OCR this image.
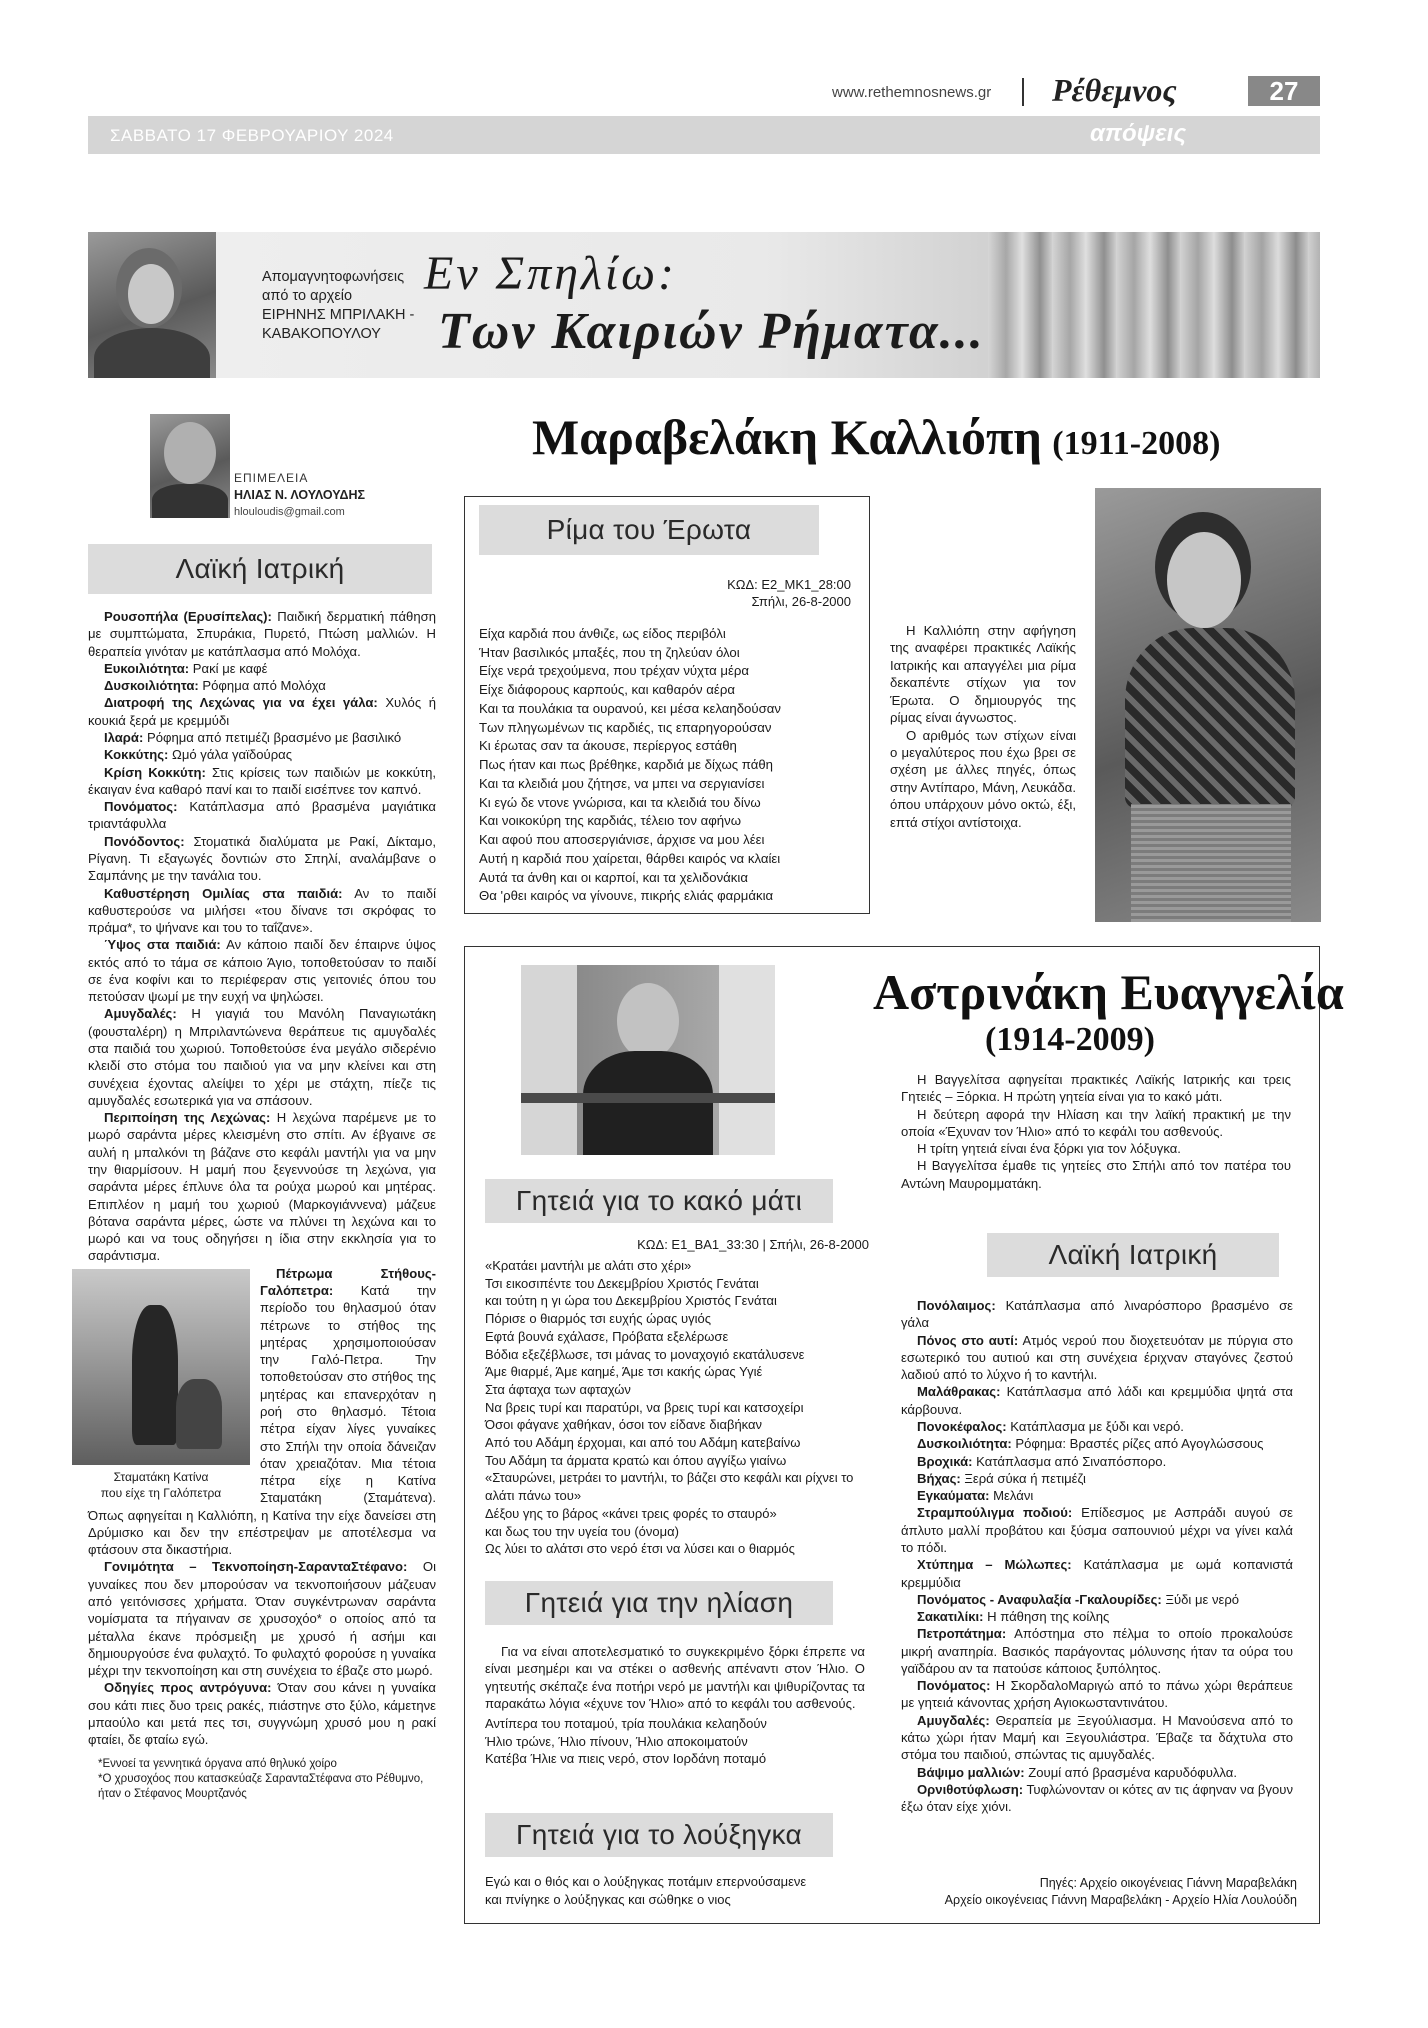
www.rethemnosnews.gr Ρέθεμνος	27
ΣΑΒΒΑΤΟ 17 ΦΕΒΡΟΥΑΡΙΟΥ 2024	απόψεις
Απομαγνητοφωνήσεις
από το αρχείο
ΕΙΡΗΝΗΣ ΜΠΡΙΛΑΚΗ -
ΚΑΒΑΚΟΠΟΥΛΟΥ
Εν Σπηλίω:
Των Καιριών Ρήματα...
ΕΠΙΜΕΛΕΙΑ
ΗΛΙΑΣ Ν. ΛΟΥΛΟΥΔΗΣ
hlouloudis@gmail.com
Λαϊκή Ιατρική

Ρουσοπήλα (Ερυσίπελας): Παιδική δερματική πάθηση με συμπτώματα, Σπυράκια, Πυρετό, Πτώση μαλλιών. Η θεραπεία γινόταν με κατάπλασμα από Μολόχα.

Ευκοιλιότητα: Ρακί με καφέ

Δυσκοιλιότητα: Ρόφημα από Μολόχα

Διατροφή της Λεχώνας για να έχει γάλα: Χυλός ή κουκιά ξερά με κρεμμύδι

Ιλαρά: Ρόφημα από πετιμέζι βρασμένο με βασιλικό

Κοκκύτης: Ωμό γάλα γαϊδούρας

Κρίση Κοκκύτη: Στις κρίσεις των παιδιών με κοκκύτη, έκαιγαν ένα καθαρό πανί και το παιδί εισέπνεε τον καπνό.

Πονόματος: Κατάπλασμα από βρασμένα μαγιάτικα τριαντάφυλλα

Πονόδοντος: Στοματικά διαλύματα με Ρακί, Δίκταμο, Ρίγανη. Τι εξαγωγές δοντιών στο Σπηλί, αναλάμβανε ο Σαμπάνης με την τανάλια του.

Καθυστέρηση Ομιλίας στα παιδιά: Αν το παιδί καθυστερούσε να μιλήσει «του δίνανε τσι σκρόφας το πράμα*, το ψήνανε και του το ταΐζανε».

Ύψος στα παιδιά: Αν κάποιο παιδί δεν έπαιρνε ύψος εκτός από το τάμα σε κάποιο Άγιο, τοποθετούσαν το παιδί σε ένα κοφίνι και το περιέφεραν στις γειτονιές όπου του πετούσαν ψωμί με την ευχή να ψηλώσει.

Αμυγδαλές: Η γιαγιά του Μανόλη Παναγιωτάκη (φουσταλέρη) η Μπριλαντώνενα θεράπευε τις αμυγδαλές στα παιδιά του χωριού. Τοποθετούσε ένα μεγάλο σιδερένιο κλειδί στο στόμα του παιδιού για να μην κλείνει και στη συνέχεια έχοντας αλείψει το χέρι με στάχτη, πίεζε τις αμυγδαλές εσωτερικά για να σπάσουν.

Περιποίηση της Λεχώνας: Η λεχώνα παρέμενε με το μωρό σαράντα μέρες κλεισμένη στο σπίτι. Αν έβγαινε σε αυλή η μπαλκόνι τη βάζανε στο κεφάλι μαντήλι για να μην την θιαρμίσουν. Η μαμή που ξεγεννούσε τη λεχώνα, για σαράντα μέρες έπλυνε όλα τα ρούχα μωρού και μητέρας. Επιπλέον η μαμή του χωριού (Μαρκογιάννενα) μάζευε βότανα σαράντα μέρες, ώστε να πλύνει τη λεχώνα και το μωρό και να τους οδηγήσει η ίδια στην εκκλησία για το σαράντισμα.

Σταματάκη Κατίνα
που είχε τη Γαλόπετρα

Πέτρωμα Στήθους-Γαλόπετρα: Κατά την περίοδο του θηλασμού όταν πέτρωνε το στήθος της μητέρας χρησιμοποιούσαν την Γαλό-Πετρα. Την τοποθετούσαν στο στήθος της μητέρας και επανερχόταν η ροή στο θηλασμό. Τέτοια πέτρα είχαν λίγες γυναίκες στο Σπήλι την οποία δάνειζαν όταν χρειαζόταν. Μια τέτοια πέτρα είχε η Κατίνα Σταματάκη (Σταμάτενα). Όπως αφηγείται η Καλλιόπη, η Κατίνα την είχε δανείσει στη Δρύμισκο και δεν την επέστρεψαν με αποτέλεσμα να φτάσουν στα δικαστήρια.

Γονιμότητα – Τεκνοποίηση-ΣαρανταΣτέφανο: Οι γυναίκες που δεν μπορούσαν να τεκνοποιήσουν μάζευαν από γειτόνισσες χρήματα. Όταν συγκέντρωναν σαράντα νομίσματα τα πήγαιναν σε χρυσοχόο* ο οποίος από τα μέταλλα έκανε πρόσμειξη με χρυσό ή ασήμι και δημιουργούσε ένα φυλαχτό. Το φυλαχτό φορούσε η γυναίκα μέχρι την τεκνοποίηση και στη συνέχεια το έβαζε στο μωρό.

Οδηγίες προς αντρόγυνα: Όταν σου κάνει η γυναίκα σου κάτι πιες δυο τρεις ρακές, πιάστηνε στο ξύλο, κάμετηνε μπαούλο και μετά πες τσι, συγγνώμη χρυσό μου η ρακί φταίει, δε φταίω εγώ.

*Εννοεί τα γεννητικά όργανα από θηλυκό χοίρο
*Ο χρυσοχόος που κατασκεύαζε ΣαρανταΣτέφανα στο Ρέθυμνο, ήταν ο Στέφανος Μουρτζανός
Μαραβελάκη Καλλιόπη (1911-2008)
Ρίμα του Έρωτα
ΚΩΔ: Ε2_ΜΚ1_28:00
Σπήλι, 26-8-2000

Είχα καρδιά που άνθιζε, ως είδος περιβόλι

Ήταν βασιλικός μπαξές, που τη ζηλεύαν όλοι

Είχε νερά τρεχούμενα, που τρέχαν νύχτα μέρα

Είχε διάφορους καρπούς, και καθαρόν αέρα

Και τα πουλάκια τα ουρανού, κει μέσα κελαηδούσαν

Των πληγωμένων τις καρδιές, τις επαρηγορούσαν

Κι έρωτας σαν τα άκουσε, περίεργος εστάθη

Πως ήταν και πως βρέθηκε, καρδιά με δίχως πάθη

Και τα κλειδιά μου ζήτησε, να μπει να σεργιανίσει

Κι εγώ δε ντονε γνώρισα, και τα κλειδιά του δίνω

Και νοικοκύρη της καρδιάς, τέλειο τον αφήνω

Και αφού που αποσεργιάνισε, άρχισε να μου λέει

Αυτή η καρδιά που χαίρεται, θάρθει καιρός να κλαίει

Αυτά τα άνθη και οι καρποί, και τα χελιδονάκια

Θα 'ρθει καιρός να γίνουνε, πικρής ελιάς φαρμάκια

Η Καλλιόπη στην αφήγηση της αναφέρει πρακτικές Λαϊκής Ιατρικής και απαγγέλει μια ρίμα δεκαπέντε στίχων για τον Έρωτα. Ο δημιουργός της ρίμας είναι άγνωστος.

Ο αριθμός των στίχων είναι ο μεγαλύτερος που έχω βρει σε σχέση με άλλες πηγές, όπως στην Αντίπαρο, Μάνη, Λευκάδα. όπου υπάρχουν μόνο οκτώ, έξι, επτά στίχοι αντίστοιχα.

Αστρινάκη Ευαγγελία
(1914-2009)

Η Βαγγελίτσα αφηγείται πρακτικές Λαϊκής Ιατρικής και τρεις Γητειές – Ξόρκια. Η πρώτη γητεία είναι για το κακό μάτι.

Η δεύτερη αφορά την Ηλίαση και την λαϊκή πρακτική με την οποία «Έχυναν τον Ήλιο» από το κεφάλι του ασθενούς.

Η τρίτη γητειά είναι ένα ξόρκι για τον λόξυγκα.

Η Βαγγελίτσα έμαθε τις γητείες στο Σπήλι από τον πατέρα του Αντώνη Μαυρομματάκη.

Γητειά για το κακό μάτι
ΚΩΔ: Ε1_ΒΑ1_33:30 | Σπήλι, 26-8-2000
«Κρατάει μαντήλι με αλάτι στο χέρι»
Τσι εικοσιπέντε του Δεκεμβρίου Χριστός Γενάται
και τούτη η γι ώρα του Δεκεμβρίου Χριστός Γενάται
Πόρισε ο θιαρμός τσι ευχής ώρας υγιός
Εφτά βουνά εχάλασε, Πρόβατα εξελέρωσε
Βόδια εξεζέβλωσε, τσι μάνας το μοναχογιό εκατάλυσενε
Άμε θιαρμέ, Άμε καημέ, Άμε τσι κακής ώρας Υγιέ
Στα άφταχα των αφταχών
Να βρεις τυρί και παρατύρι, να βρεις τυρί και κατσοχείρι
Όσοι φάγανε χαθήκαν, όσοι τον είδανε διαβήκαν
Από του Αδάμη έρχομαι, και από του Αδάμη κατεβαίνω
Του Αδάμη τα άρματα κρατώ και όπου αγγίξω γιαίνω
«Σταυρώνει, μετράει το μαντήλι, το βάζει στο κεφάλι και ρίχνει το αλάτι πάνω του»
Δέξου γης το βάρος «κάνει τρεις φορές το σταυρό»
και δως του την υγεία του (όνομα)
Ως λύει το αλάτσι στο νερό έτσι να λύσει και ο θιαρμός
Γητειά για την ηλίαση
Για να είναι αποτελεσματικό το συγκεκριμένο ξόρκι έπρεπε να είναι μεσημέρι και να στέκει ο ασθενής απέναντι στον Ήλιο. Ο γητευτής σκέπαζε ένα ποτήρι νερό με μαντήλι και ψιθυρίζοντας τα παρακάτω λόγια «έχυνε τον Ήλιο» από το κεφάλι του ασθενούς.
Αντίπερα του ποταμού, τρία πουλάκια κελαηδούν
Ήλιο τρώνε, Ήλιο πίνουν, Ήλιο αποκοιματούν
Κατέβα Ήλιε να πιεις νερό, στον Ιορδάνη ποταμό
Γητειά για το λούξηγκα
Εγώ και ο θιός και ο λούξηγκας ποτάμιν επερνούσαμενε και πνίγηκε ο λούξηγκας και σώθηκε ο νιος
Λαϊκή Ιατρική

Πονόλαιμος: Κατάπλασμα από λιναρόσπορο βρασμένο σε γάλα

Πόνος στο αυτί: Ατμός νερού που διοχετευόταν με πύργια στο εσωτερικό του αυτιού και στη συνέχεια έριχναν σταγόνες ζεστού λαδιού από το λύχνο ή το καντήλι.

Μαλάθρακας: Κατάπλασμα από λάδι και κρεμμύδια ψητά στα κάρβουνα.

Πονοκέφαλος: Κατάπλασμα με ξύδι και νερό.

Δυσκοιλιότητα: Ρόφημα: Βραστές ρίζες από Αγογλώσσους

Βροχικά: Κατάπλασμα από Σιναπόσπορο.

Βήχας: Ξερά σύκα ή πετιμέζι

Εγκαύματα: Μελάνι

Στραμπούλιγμα ποδιού: Επίδεσμος με Ασπράδι αυγού σε άπλυτο μαλλί προβάτου και ξύσμα σαπουνιού μέχρι να γίνει καλά το πόδι.

Χτύπημα – Μώλωπες: Κατάπλασμα με ωμά κοπανιστά κρεμμύδια

Πονόματος - Αναφυλαξία -Γκαλουρίδες: Ξύδι με νερό

Σακατιλίκι: Η πάθηση της κοίλης

Πετροπάτημα: Απόστημα στο πέλμα το οποίο προκαλούσε μικρή αναπηρία. Βασικός παράγοντας μόλυνσης ήταν τα ούρα του γαϊδάρου αν τα πατούσε κάποιος ξυπόλητος.

Πονόματος: Η ΣκορδαλοΜαριγώ από το πάνω χώρι θεράπευε με γητειά κάνοντας χρήση Αγιοκωσταντινάτου.

Αμυγδαλές: Θεραπεία με Ξεγούλιασμα. Η Μανούσενα από το κάτω χώρι ήταν Μαμή και Ξεγουλιάστρα. Έβαζε τα δάχτυλα στο στόμα του παιδιού, σπώντας τις αμυγδαλές.

Βάψιμο μαλλιών: Ζουμί από βρασμένα καρυδόφυλλα.

Ορνιθοτύφλωση: Τυφλώνονταν οι κότες αν τις άφηναν να βγουν έξω όταν είχε χιόνι.

Πηγές: Αρχείο οικογένειας Γιάννη Μαραβελάκη
Αρχείο οικογένειας Γιάννη Μαραβελάκη - Αρχείο Ηλία Λουλούδη
